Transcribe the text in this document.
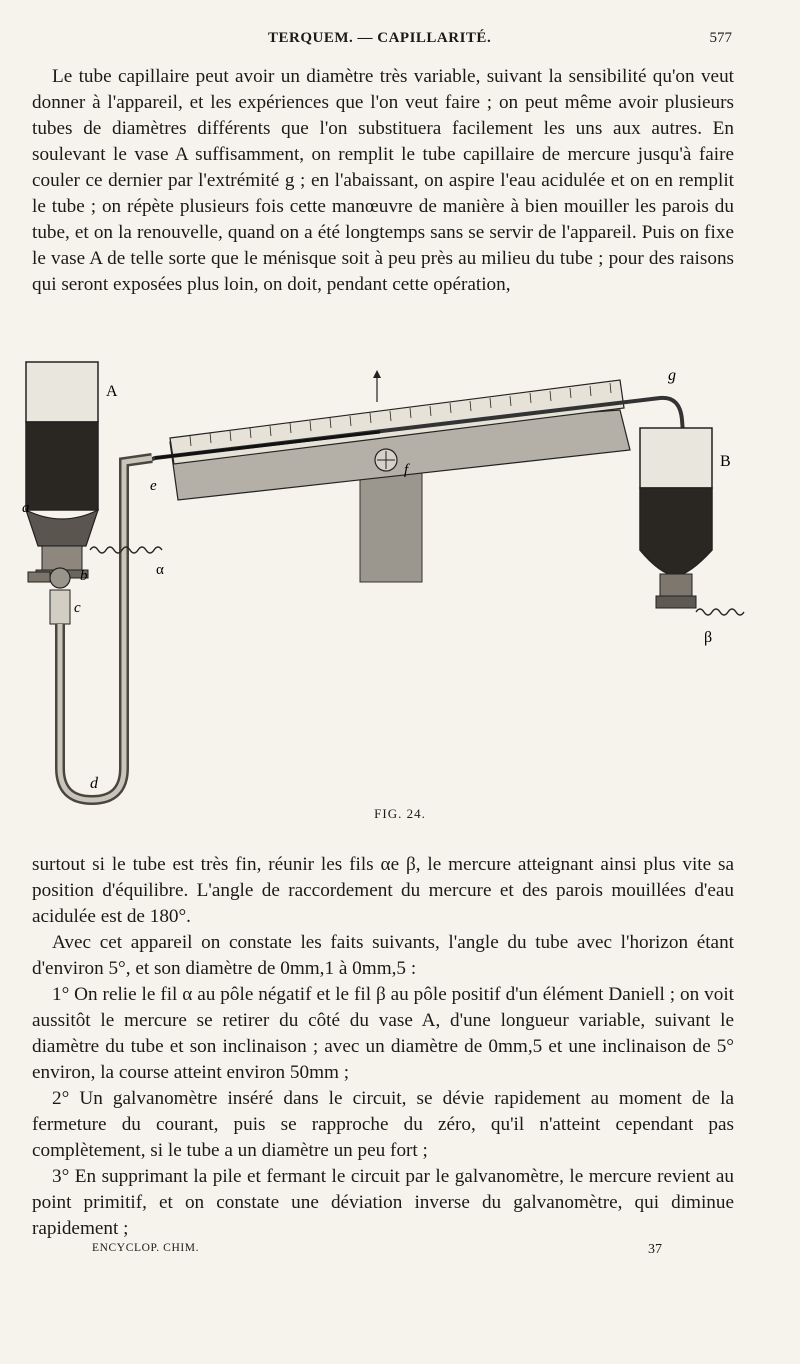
TERQUEM. — CAPILLARITÉ.	577

Le tube capillaire peut avoir un diamètre très variable, suivant la sensibilité qu'on veut donner à l'appareil, et les expériences que l'on veut faire ; on peut même avoir plusieurs tubes de diamètres différents que l'on substituera facilement les uns aux autres. En soulevant le vase A suffisamment, on remplit le tube capillaire de mercure jusqu'à faire couler ce dernier par l'extrémité g ; en l'abaissant, on aspire l'eau acidulée et on en remplit le tube ; on répète plusieurs fois cette manœuvre de manière à bien mouiller les parois du tube, et on la renouvelle, quand on a été longtemps sans se servir de l'appareil. Puis on fixe le vase A de telle sorte que le ménisque soit à peu près au milieu du tube ; pour des raisons qui seront exposées plus loin, on doit, pendant cette opération,

A
B
a
b
c
d
e
f
g
α
β
FIG. 24.

surtout si le tube est très fin, réunir les fils αe β, le mercure atteignant ainsi plus vite sa position d'équilibre. L'angle de raccordement du mercure et des parois mouillées d'eau acidulée est de 180°.

Avec cet appareil on constate les faits suivants, l'angle du tube avec l'horizon étant d'environ 5°, et son diamètre de 0mm,1 à 0mm,5 :

1° On relie le fil α au pôle négatif et le fil β au pôle positif d'un élément Daniell ; on voit aussitôt le mercure se retirer du côté du vase A, d'une longueur variable, suivant le diamètre du tube et son inclinaison ; avec un diamètre de 0mm,5 et une inclinaison de 5° environ, la course atteint environ 50mm ;

2° Un galvanomètre inséré dans le circuit, se dévie rapidement au moment de la fermeture du courant, puis se rapproche du zéro, qu'il n'atteint cependant pas complètement, si le tube a un diamètre un peu fort ;

3° En supprimant la pile et fermant le circuit par le galvanomètre, le mercure revient au point primitif, et on constate une déviation inverse du galvanomètre, qui diminue rapidement ;

ENCYCLOP. CHIM.	37
